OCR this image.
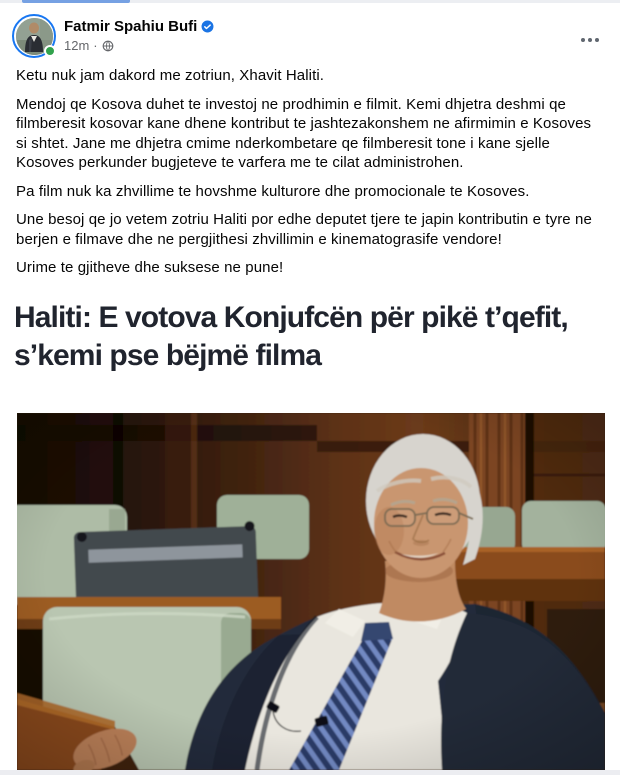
Fatmir Spahiu Bufi
12m ·

Ketu nuk jam dakord me zotriun, Xhavit Haliti.

Mendoj qe Kosova duhet te investoj ne prodhimin e filmit. Kemi dhjetra deshmi qe filmberesit kosovar kane dhene kontribut te jashtezakonshem ne afirmimin e Kosoves si shtet. Jane me dhjetra cmime nderkombetare qe filmberesit tone i kane sjelle Kosoves perkunder bugjeteve te varfera me te cilat administrohen.

Pa film nuk ka zhvillime te hovshme kulturore dhe promocionale te Kosoves.

Une besoj qe jo vetem zotriu Haliti por edhe deputet tjere te japin kontributin e tyre ne berjen e filmave dhe ne pergjithesi zhvillimin e kinematograsife vendore!

Urime te gjitheve dhe suksese ne pune!

Haliti: E votova Konjufcën për pikë t’qefit, s’kemi pse bëjmë filma
